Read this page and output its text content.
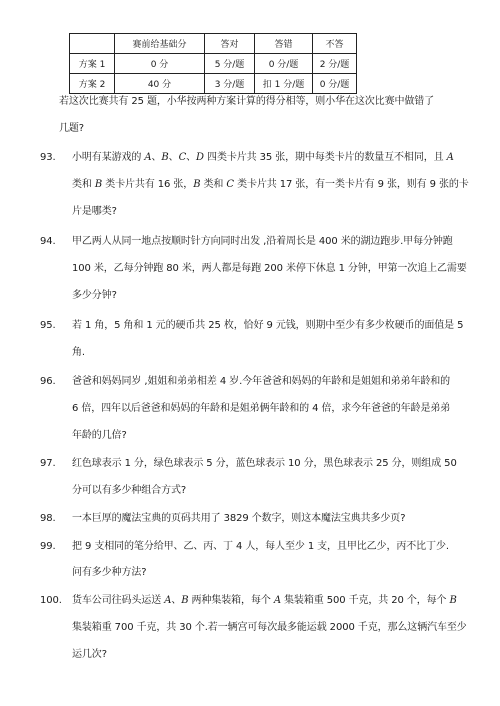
	赛前给基础分	答对	答错	不答
方案 1	0 分	5 分/题	0 分/题	2 分/题
方案 2	40 分	3 分/题	扣 1 分/题	0 分/题
若这次比赛共有 25 题，小华按两种方案计算的得分相等，则小华在这次比赛中做错了
几题?
93. 小明有某游戏的 A、B、C、D 四类卡片共 35 张，期中每类卡片的数量互不相同，且 A
类和 B 类卡片共有 16 张，B 类和 C 类卡片共 17 张，有一类卡片有 9 张，则有 9 张的卡
片是哪类?
94. 甲乙两人从同一地点按顺时针方向同时出发 ,沿着周长是 400 米的湖边跑步.甲每分钟跑
100 米，乙每分钟跑 80 米，两人都是每跑 200 米停下休息 1 分钟，甲第一次追上乙需要
多少分钟?
95. 若 1 角，5 角和 1 元的硬币共 25 枚，恰好 9 元钱，则期中至少有多少枚硬币的面值是 5
角.
96. 爸爸和妈妈同岁 ,姐姐和弟弟相差 4 岁.今年爸爸和妈妈的年龄和是姐姐和弟弟年龄和的
6 倍，四年以后爸爸和妈妈的年龄和是姐弟俩年龄和的 4 倍，求今年爸爸的年龄是弟弟
年龄的几倍?
97. 红色球表示 1 分，绿色球表示 5 分，蓝色球表示 10 分，黑色球表示 25 分，则组成 50
分可以有多少种组合方式?
98. 一本巨厚的魔法宝典的页码共用了 3829 个数字，则这本魔法宝典共多少页?
99. 把 9 支相同的笔分给甲、乙、丙、丁 4 人，每人至少 1 支，且甲比乙少，丙不比丁少.
问有多少种方法?
100. 货车公司往码头运送 A、B 两种集装箱，每个 A 集装箱重 500 千克，共 20 个，每个 B
集装箱重 700 千克，共 30 个.若一辆宫可每次最多能运载 2000 千克，那么这辆汽车至少
运几次?
